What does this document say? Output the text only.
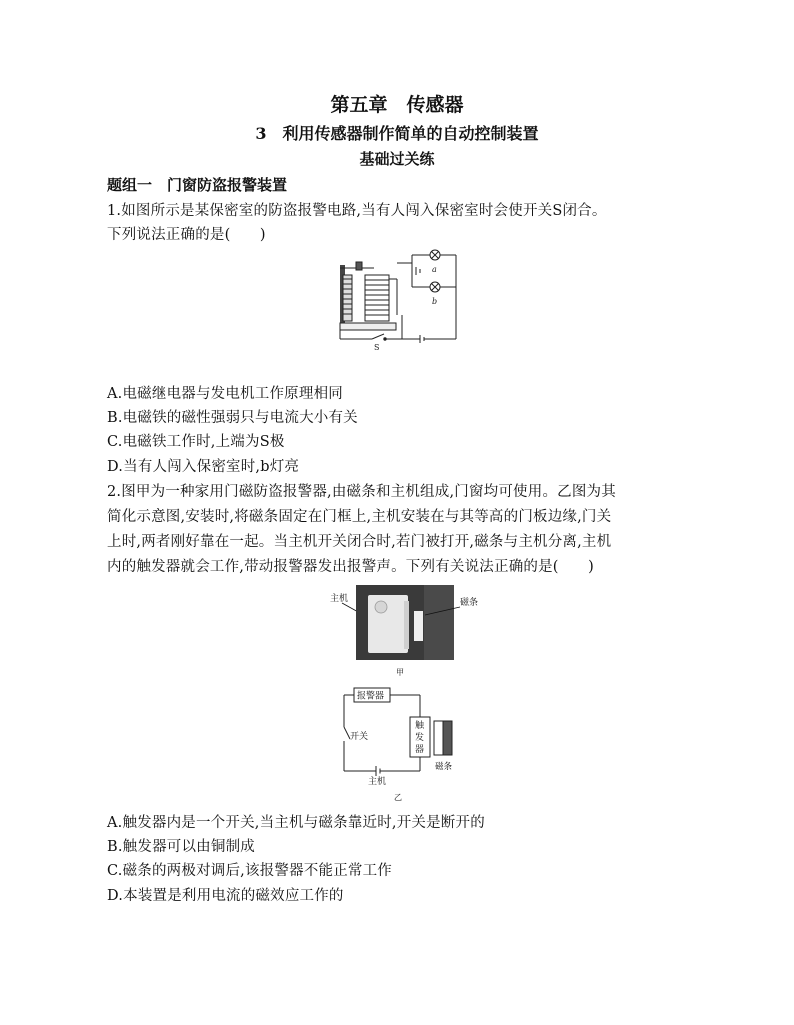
第五章　传感器
3　利用传感器制作简单的自动控制装置
基础过关练
题组一　门窗防盗报警装置
1.如图所示是某保密室的防盗报警电路,当有人闯入保密室时会使开关S闭合。
下列说法正确的是(　　)
a
b
S
A.电磁继电器与发电机工作原理相同
B.电磁铁的磁性强弱只与电流大小有关
C.电磁铁工作时,上端为S极
D.当有人闯入保密室时,b灯亮
2.图甲为一种家用门磁防盗报警器,由磁条和主机组成,门窗均可使用。乙图为其
简化示意图,安装时,将磁条固定在门框上,主机安装在与其等高的门板边缘,门关
上时,两者刚好靠在一起。当主机开关闭合时,若门被打开,磁条与主机分离,主机
内的触发器就会工作,带动报警器发出报警声。下列有关说法正确的是(　　)
主机	磁条
甲
报警器
开关
触
发
器
磁条
主机
乙
A.触发器内是一个开关,当主机与磁条靠近时,开关是断开的
B.触发器可以由铜制成
C.磁条的两极对调后,该报警器不能正常工作
D.本装置是利用电流的磁效应工作的
